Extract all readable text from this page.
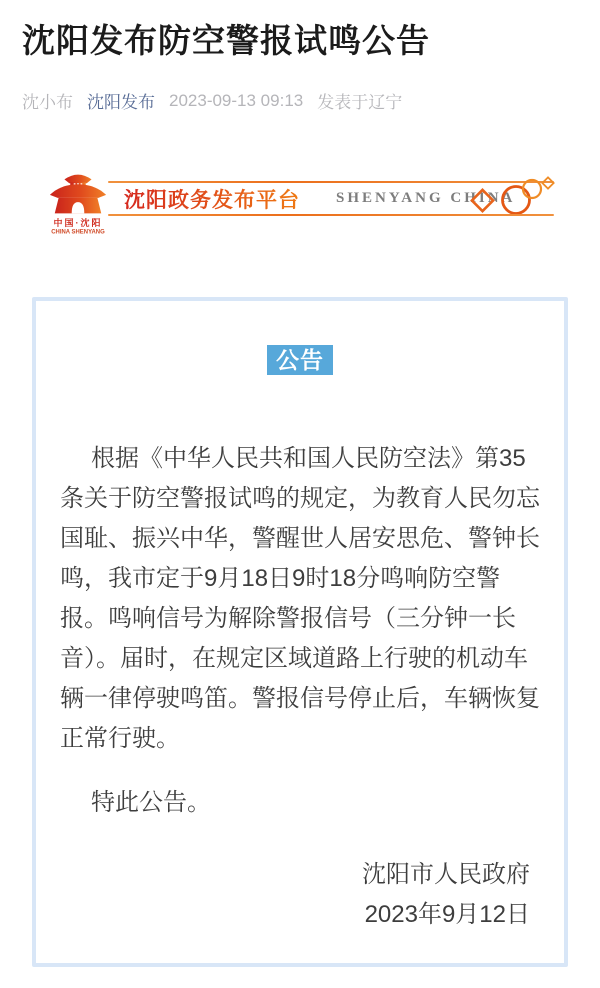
沈阳发布防空警报试鸣公告
沈小布 沈阳发布 2023-09-13 09:13 发表于辽宁
中国·沈阳
CHINA SHENYANG
沈阳政务发布平台 SHENYANG CHINA
公告

根据《中华人民共和国人民防空法》第35条关于防空警报试鸣的规定，为教育人民勿忘国耻、振兴中华，警醒世人居安思危、警钟长鸣，我市定于9月18日9时18分鸣响防空警报。鸣响信号为解除警报信号（三分钟一长音）。届时，在规定区域道路上行驶的机动车辆一律停驶鸣笛。警报信号停止后，车辆恢复正常行驶。

特此公告。

沈阳市人民政府

2023年9月12日
